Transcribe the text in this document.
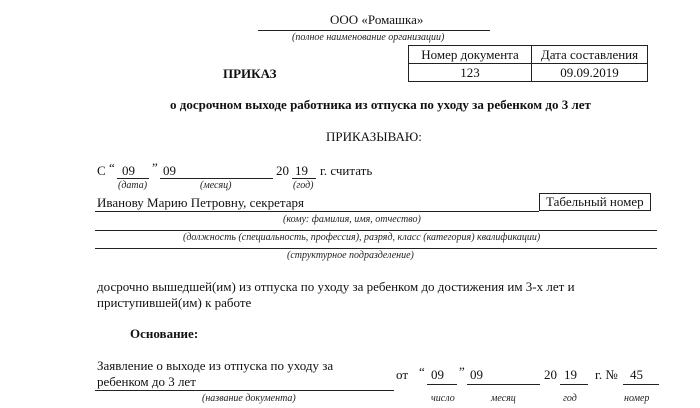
ООО «Ромашка»
(полное наименование организации)
Номер документа	Дата составления
123	09.09.2019
ПРИКАЗ
о досрочном выходе работника из отпуска по уходу за ребенком до 3 лет
ПРИКАЗЫВАЮ:
С “ 09 ” 09	20 19 г. считать
(дата)	(месяц)	(год)
Иванову Марию Петровну, секретаря	Табельный номер
(кому: фамилия, имя, отчество)
(должность (специальность, профессия), разряд, класс (категория) квалификации)
(структурное подразделение)
досрочно вышедшей(им) из отпуска по уходу за ребенком до достижения им 3-х лет и
приступившей(им) к работе
Основание:
Заявление о выходе из отпуска по уходу за
ребенком до 3 лет	от “ 09 ” 09	20 19 г. № 45
(название документа)	число	месяц	год	номер
